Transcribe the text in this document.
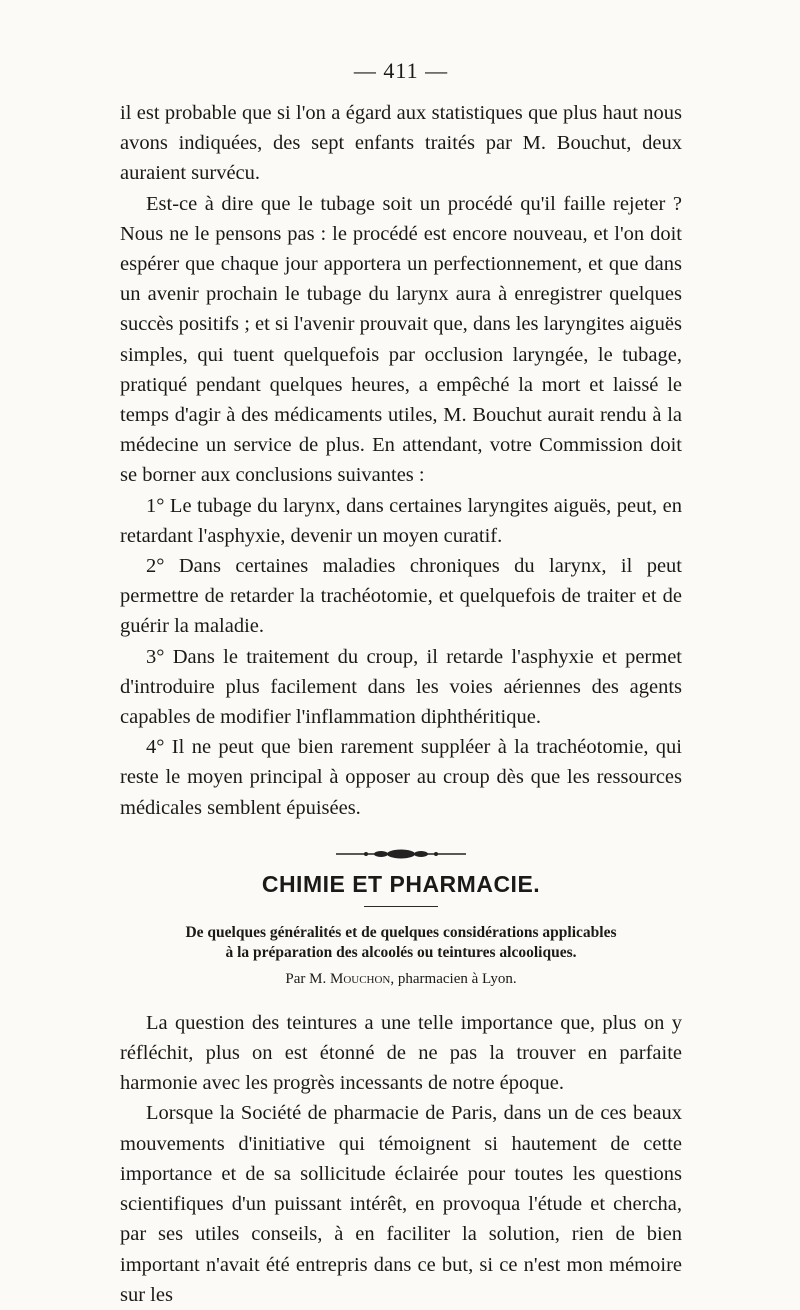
— 411 —

il est probable que si l'on a égard aux statistiques que plus haut nous avons indiquées, des sept enfants traités par M. Bouchut, deux auraient survécu.

Est-ce à dire que le tubage soit un procédé qu'il faille rejeter ? Nous ne le pensons pas : le procédé est encore nouveau, et l'on doit espérer que chaque jour apportera un perfectionnement, et que dans un avenir prochain le tubage du larynx aura à enregistrer quelques succès positifs ; et si l'avenir prouvait que, dans les laryngites aiguës simples, qui tuent quelquefois par occlusion laryngée, le tubage, pratiqué pendant quelques heures, a empêché la mort et laissé le temps d'agir à des médicaments utiles, M. Bouchut aurait rendu à la médecine un service de plus. En attendant, votre Commission doit se borner aux conclusions suivantes :

1° Le tubage du larynx, dans certaines laryngites aiguës, peut, en retardant l'asphyxie, devenir un moyen curatif.

2° Dans certaines maladies chroniques du larynx, il peut permettre de retarder la trachéotomie, et quelquefois de traiter et de guérir la maladie.

3° Dans le traitement du croup, il retarde l'asphyxie et permet d'introduire plus facilement dans les voies aériennes des agents capables de modifier l'inflammation diphthéritique.

4° Il ne peut que bien rarement suppléer à la trachéotomie, qui reste le moyen principal à opposer au croup dès que les ressources médicales semblent épuisées.

CHIMIE ET PHARMACIE.

De quelques généralités et de quelques considérations applicables

à la préparation des alcoolés ou teintures alcooliques.

Par M. Mouchon, pharmacien à Lyon.

La question des teintures a une telle importance que, plus on y réfléchit, plus on est étonné de ne pas la trouver en parfaite harmonie avec les progrès incessants de notre époque.

Lorsque la Société de pharmacie de Paris, dans un de ces beaux mouvements d'initiative qui témoignent si hautement de cette importance et de sa sollicitude éclairée pour toutes les questions scientifiques d'un puissant intérêt, en provoqua l'étude et chercha, par ses utiles conseils, à en faciliter la solution, rien de bien important n'avait été entrepris dans ce but, si ce n'est mon mémoire sur les
